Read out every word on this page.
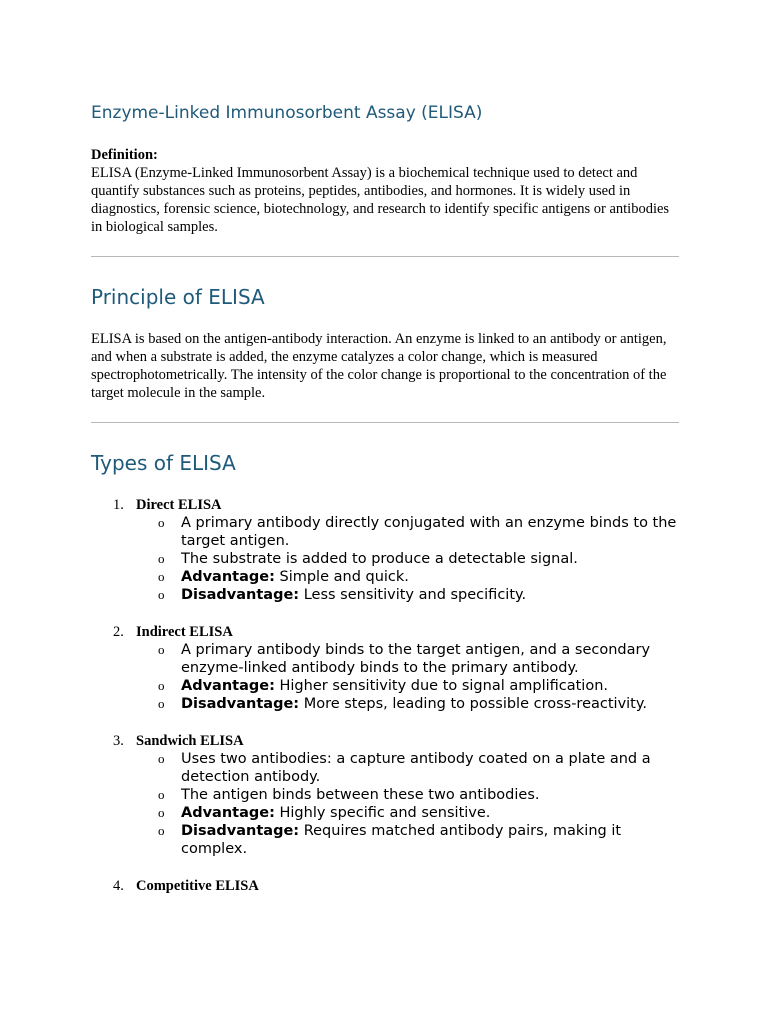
Enzyme-Linked Immunosorbent Assay (ELISA)
Definition:

ELISA (Enzyme-Linked Immunosorbent Assay) is a biochemical technique used to detect and quantify substances such as proteins, peptides, antibodies, and hormones. It is widely used in diagnostics, forensic science, biotechnology, and research to identify specific antigens or antibodies in biological samples.

Principle of ELISA

ELISA is based on the antigen-antibody interaction. An enzyme is linked to an antibody or antigen, and when a substrate is added, the enzyme catalyzes a color change, which is measured spectrophotometrically. The intensity of the color change is proportional to the concentration of the target molecule in the sample.

Types of ELISA
1. Direct ELISA
o A primary antibody directly conjugated with an enzyme binds to the target antigen.
o The substrate is added to produce a detectable signal.
o Advantage: Simple and quick.
o Disadvantage: Less sensitivity and specificity.
2. Indirect ELISA
o A primary antibody binds to the target antigen, and a secondary enzyme-linked antibody binds to the primary antibody.
o Advantage: Higher sensitivity due to signal amplification.
o Disadvantage: More steps, leading to possible cross-reactivity.
3. Sandwich ELISA
o Uses two antibodies: a capture antibody coated on a plate and a detection antibody.
o The antigen binds between these two antibodies.
o Advantage: Highly specific and sensitive.
o Disadvantage: Requires matched antibody pairs, making it complex.
4. Competitive ELISA
